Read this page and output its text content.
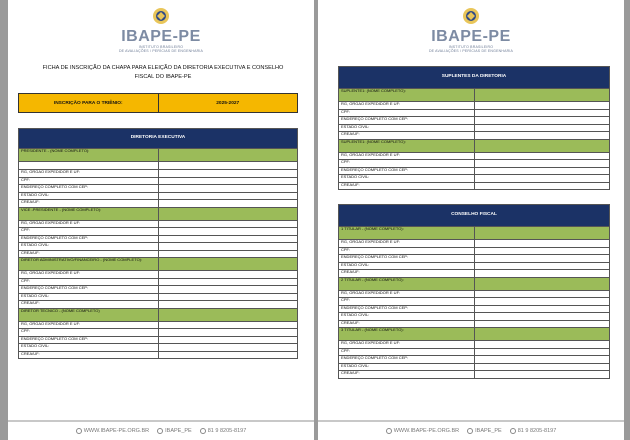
IBAPE-PE
INSTITUTO BRASILEIRO
DE AVALIAÇÕES / PERÍCIAS DE ENGENHARIA
FICHA DE INSCRIÇÃO DA CHAPA PARA ELEIÇÃO DA DIRETORIA EXECUTIVA E CONSELHO FISCAL DO IBAPE-PE
INSCRIÇÃO PARA O TRIÊNIO:	2025-2027
DIRETORIA EXECUTIVA	
PRESIDENTE - (NOME COMPLETO):	

RG, ORGAO EXPEDIDOR E UF:	
CPF:	
ENDEREÇO COMPLETO COM CEP:	
ESTADO CIVIL:	
CREA/UF:	
VICE -PRESIDENTE - (NOME COMPLETO):	
RG, ORGAO EXPEDIDOR E UF:	
CPF:	
ENDEREÇO COMPLETO COM CEP:	
ESTADO CIVIL:	
CREA/UF:	
DIRETOR ADMINISTRATIVO/FINANCEIRO - (NOME COMPLETO):	
RG, ORGAO EXPEDIDOR E UF:	
CPF:	
ENDEREÇO COMPLETO COM CEP:	
ESTADO CIVIL:	
CREA/UF:	
DIRETOR TECNICO - (NOME COMPLETO)	
RG, ORGAO EXPEDIDOR E UF:	
CPF:	
ENDEREÇO COMPLETO COM CEP:	
ESTADO CIVIL:	
CREA/UF:	
WWW.IBAPE-PE.ORG.BR	IBAPE_PE	81 9 8205-8197
IBAPE-PE
INSTITUTO BRASILEIRO
DE AVALIAÇÕES / PERÍCIAS DE ENGENHARIA
SUPLENTES DA DIRETORIA	
SUPLENTE1: (NOME COMPLETO):	
RG, ORGAO EXPEDIDOR E UF:	
CPF:	
ENDEREÇO COMPLETO COM CEP:	
ESTADO CIVIL:	
CREA/UF:	
SUPLENTE1: (NOME COMPLETO):	
RG, ORGAO EXPEDIDOR E UF:	
CPF:	
ENDEREÇO COMPLETO COM CEP:	
ESTADO CIVIL:	
CREA/UF:	
CONSELHO FISCAL	
1 TITULAR - (NOME COMPLETO):	
RG, ORGAO EXPEDIDOR E UF:	
CPF:	
ENDEREÇO COMPLETO COM CEP:	
ESTADO CIVIL:	
CREA/UF:	
2 TITULAR - (NOME COMPLETO):	
RG, ORGAO EXPEDIDOR E UF:	
CPF:	
ENDEREÇO COMPLETO COM CEP:	
ESTADO CIVIL:	
CREA/UF:	
3 TITULAR - (NOME COMPLETO):	
RG, ORGAO EXPEDIDOR E UF:	
CPF:	
ENDEREÇO COMPLETO COM CEP:	
ESTADO CIVIL:	
CREA/UF:	
WWW.IBAPE-PE.ORG.BR	IBAPE_PE	81 9 8205-8197
